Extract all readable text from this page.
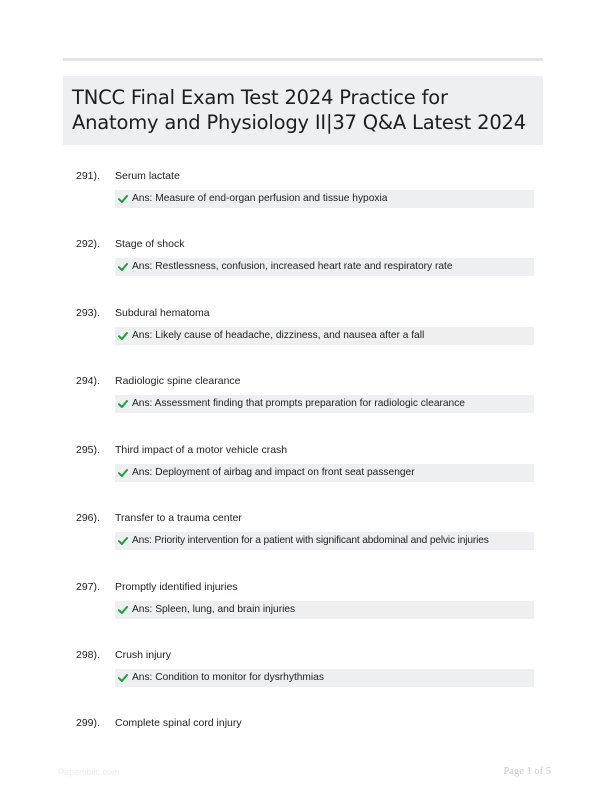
TNCC Final Exam Test 2024 Practice for
Anatomy and Physiology II|37 Q&A Latest 2024
291). Serum lactate
Ans: Measure of end-organ perfusion and tissue hypoxia
292). Stage of shock
Ans: Restlessness, confusion, increased heart rate and respiratory rate
293). Subdural hematoma
Ans: Likely cause of headache, dizziness, and nausea after a fall
294). Radiologic spine clearance
Ans: Assessment finding that prompts preparation for radiologic clearance
295). Third impact of a motor vehicle crash
Ans: Deployment of airbag and impact on front seat passenger
296). Transfer to a trauma center
Ans: Priority intervention for a patient with significant abdominal and pelvic injuries
297). Promptly identified injuries
Ans: Spleen, lung, and brain injuries
298). Crush injury
Ans: Condition to monitor for dysrhythmias
299). Complete spinal cord injury
Papertiblic.com	Page 1 of 5
